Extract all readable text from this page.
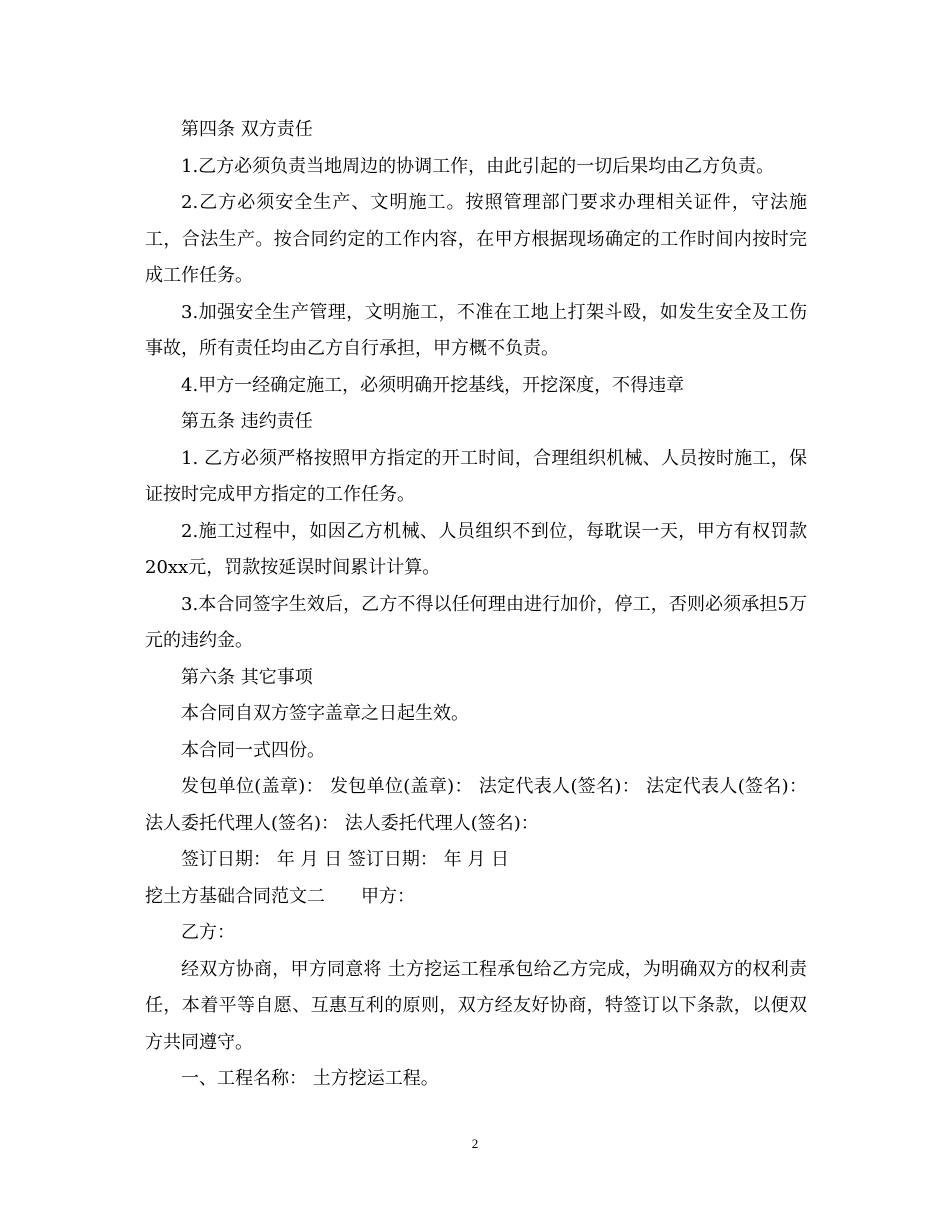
第四条 双方责任

1.乙方必须负责当地周边的协调工作，由此引起的一切后果均由乙方负责。

2.乙方必须安全生产、文明施工。按照管理部门要求办理相关证件，守法施工，合法生产。按合同约定的工作内容，在甲方根据现场确定的工作时间内按时完成工作任务。

3.加强安全生产管理，文明施工，不准在工地上打架斗殴，如发生安全及工伤事故，所有责任均由乙方自行承担，甲方概不负责。

4.甲方一经确定施工，必须明确开挖基线，开挖深度，不得违章

第五条 违约责任

1. 乙方必须严格按照甲方指定的开工时间，合理组织机械、人员按时施工，保证按时完成甲方指定的工作任务。

2.施工过程中，如因乙方机械、人员组织不到位，每耽误一天，甲方有权罚款20xx元，罚款按延误时间累计计算。

3.本合同签字生效后，乙方不得以任何理由进行加价，停工，否则必须承担5万元的违约金。

第六条 其它事项

本合同自双方签字盖章之日起生效。

本合同一式四份。

发包单位(盖章)： 发包单位(盖章)： 法定代表人(签名)： 法定代表人(签名)： 法人委托代理人(签名)： 法人委托代理人(签名)：

签订日期： 年 月 日 签订日期： 年 月 日

挖土方基础合同范文二　　甲方：

乙方：

经双方协商，甲方同意将 土方挖运工程承包给乙方完成，为明确双方的权利责任，本着平等自愿、互惠互利的原则，双方经友好协商，特签订以下条款，以便双方共同遵守。

一、工程名称： 土方挖运工程。

2
